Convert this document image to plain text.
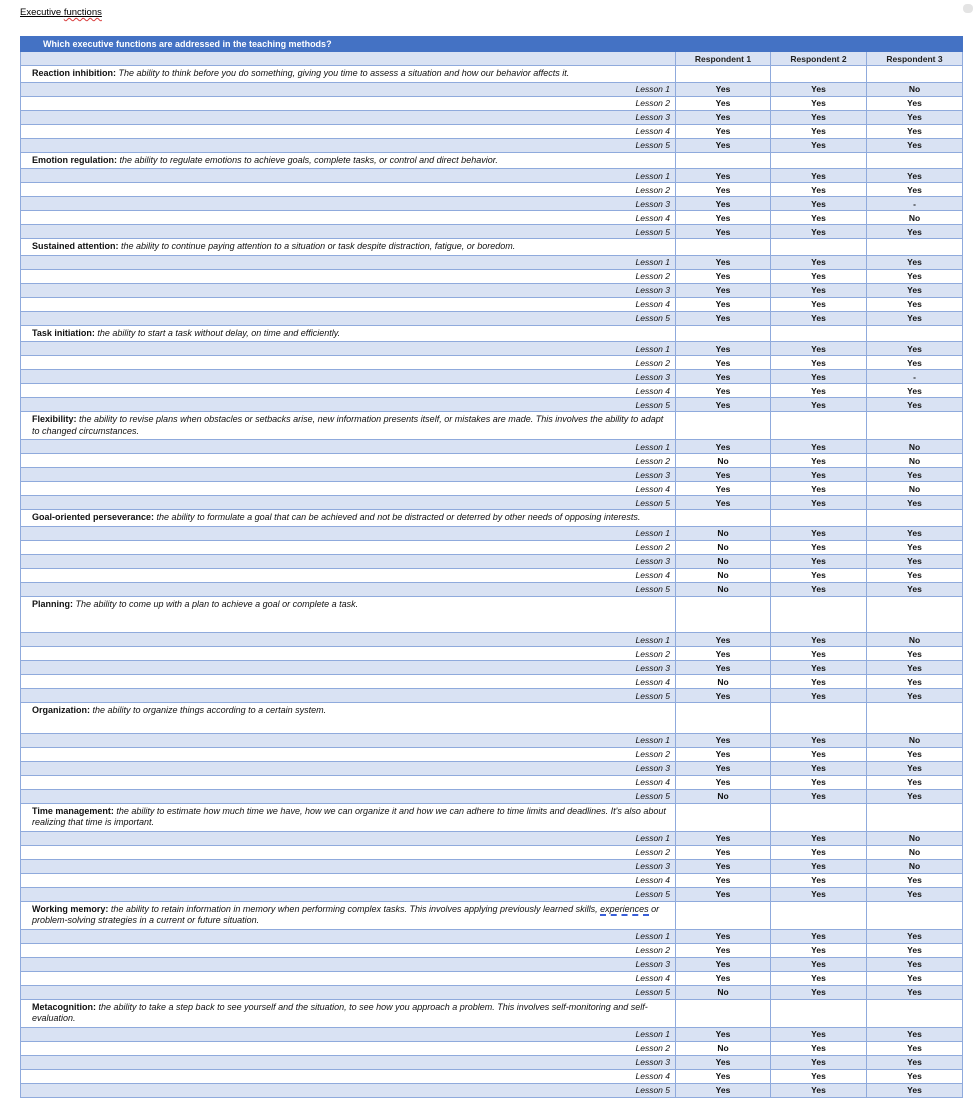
Executive functions
Which executive functions are addressed in the teaching methods?			
	Respondent 1	Respondent 2	Respondent 3
Reaction inhibition: The ability to think before you do something, giving you time to assess a situation and how our behavior affects it.			
Lesson 1	Yes	Yes	No
Lesson 2	Yes	Yes	Yes
Lesson 3	Yes	Yes	Yes
Lesson 4	Yes	Yes	Yes
Lesson 5	Yes	Yes	Yes
Emotion regulation: the ability to regulate emotions to achieve goals, complete tasks, or control and direct behavior.			
Lesson 1	Yes	Yes	Yes
Lesson 2	Yes	Yes	Yes
Lesson 3	Yes	Yes	-
Lesson 4	Yes	Yes	No
Lesson 5	Yes	Yes	Yes
Sustained attention: the ability to continue paying attention to a situation or task despite distraction, fatigue, or boredom.			
Lesson 1	Yes	Yes	Yes
Lesson 2	Yes	Yes	Yes
Lesson 3	Yes	Yes	Yes
Lesson 4	Yes	Yes	Yes
Lesson 5	Yes	Yes	Yes
Task initiation: the ability to start a task without delay, on time and efficiently.			
Lesson 1	Yes	Yes	Yes
Lesson 2	Yes	Yes	Yes
Lesson 3	Yes	Yes	-
Lesson 4	Yes	Yes	Yes
Lesson 5	Yes	Yes	Yes
Flexibility: the ability to revise plans when obstacles or setbacks arise, new information presents itself, or mistakes are made. This involves the ability to adapt to changed circumstances.			
Lesson 1	Yes	Yes	No
Lesson 2	No	Yes	No
Lesson 3	Yes	Yes	Yes
Lesson 4	Yes	Yes	No
Lesson 5	Yes	Yes	Yes
Goal-oriented perseverance: the ability to formulate a goal that can be achieved and not be distracted or deterred by other needs of opposing interests.			
Lesson 1	No	Yes	Yes
Lesson 2	No	Yes	Yes
Lesson 3	No	Yes	Yes
Lesson 4	No	Yes	Yes
Lesson 5	No	Yes	Yes
Planning: The ability to come up with a plan to achieve a goal or complete a task.			
Lesson 1	Yes	Yes	No
Lesson 2	Yes	Yes	Yes
Lesson 3	Yes	Yes	Yes
Lesson 4	No	Yes	Yes
Lesson 5	Yes	Yes	Yes
Organization: the ability to organize things according to a certain system.			
Lesson 1	Yes	Yes	No
Lesson 2	Yes	Yes	Yes
Lesson 3	Yes	Yes	Yes
Lesson 4	Yes	Yes	Yes
Lesson 5	No	Yes	Yes
Time management: the ability to estimate how much time we have, how we can organize it and how we can adhere to time limits and deadlines. It's also about realizing that time is important.			
Lesson 1	Yes	Yes	No
Lesson 2	Yes	Yes	No
Lesson 3	Yes	Yes	No
Lesson 4	Yes	Yes	Yes
Lesson 5	Yes	Yes	Yes
Working memory: the ability to retain information in memory when performing complex tasks. This involves applying previously learned skills, experiences or problem-solving strategies in a current or future situation.			
Lesson 1	Yes	Yes	Yes
Lesson 2	Yes	Yes	Yes
Lesson 3	Yes	Yes	Yes
Lesson 4	Yes	Yes	Yes
Lesson 5	No	Yes	Yes
Metacognition: the ability to take a step back to see yourself and the situation, to see how you approach a problem. This involves self-monitoring and self-evaluation.			
Lesson 1	Yes	Yes	Yes
Lesson 2	No	Yes	Yes
Lesson 3	Yes	Yes	Yes
Lesson 4	Yes	Yes	Yes
Lesson 5	Yes	Yes	Yes
